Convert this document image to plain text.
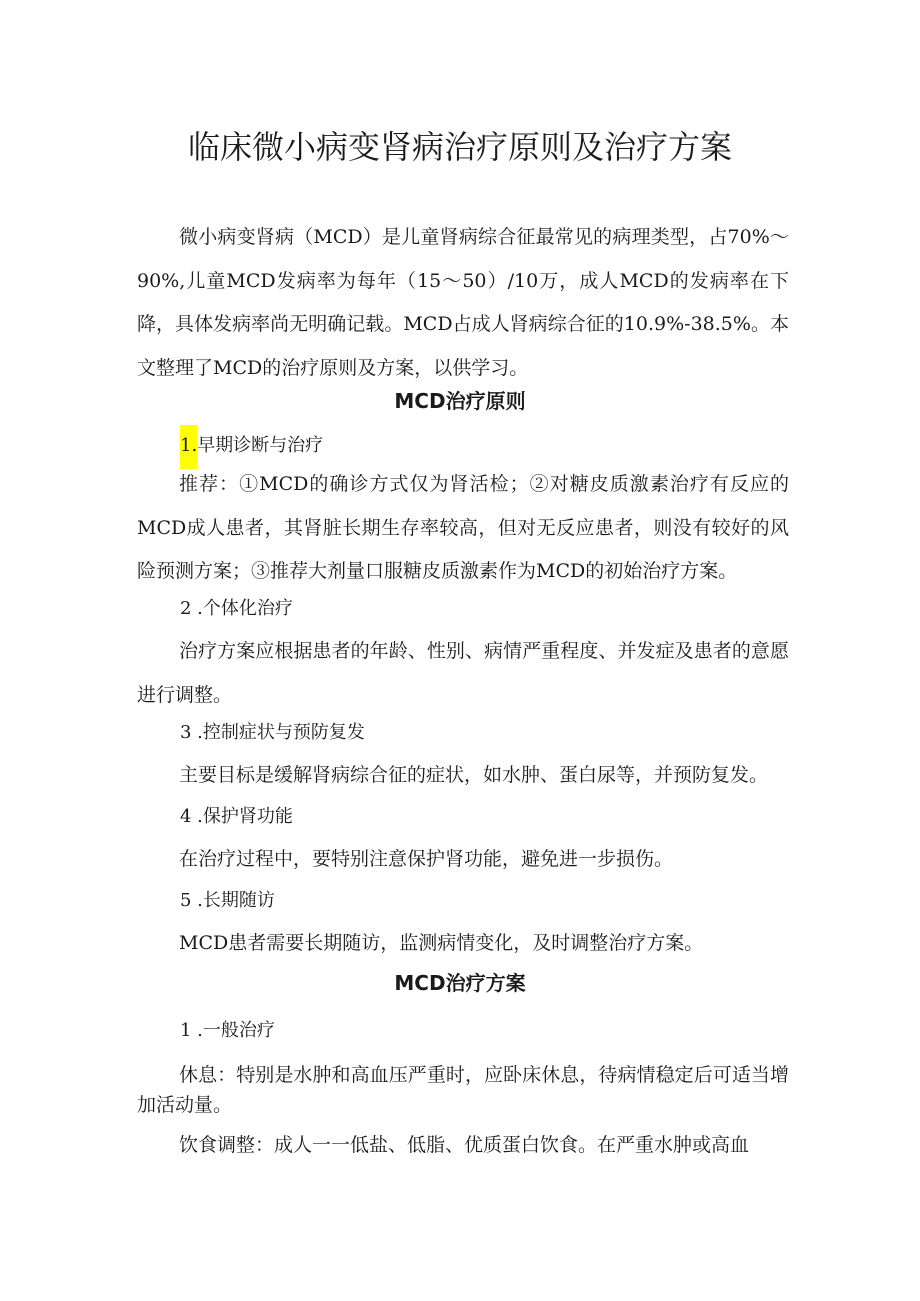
临床微小病变肾病治疗原则及治疗方案

微小病变肾病（MCD）是儿童肾病综合征最常见的病理类型，占70%～90%,儿童MCD发病率为每年（15～50）/10万，成人MCD的发病率在下降，具体发病率尚无明确记载。MCD占成人肾病综合征的10.9%-38.5%。本文整理了MCD的治疗原则及方案，以供学习。

MCD治疗原则
1.早期诊断与治疗

推荐：①MCD的确诊方式仅为肾活检；②对糖皮质激素治疗有反应的MCD成人患者，其肾脏长期生存率较高，但对无反应患者，则没有较好的风险预测方案；③推荐大剂量口服糖皮质激素作为MCD的初始治疗方案。

2 .个体化治疗

治疗方案应根据患者的年龄、性别、病情严重程度、并发症及患者的意愿进行调整。

3 .控制症状与预防复发

主要目标是缓解肾病综合征的症状，如水肿、蛋白尿等，并预防复发。

4 .保护肾功能

在治疗过程中，要特别注意保护肾功能，避免进一步损伤。

5 .长期随访

MCD患者需要长期随访，监测病情变化，及时调整治疗方案。

MCD治疗方案
1 .一般治疗

休息：特别是水肿和高血压严重时，应卧床休息，待病情稳定后可适当增加活动量。

饮食调整：成人一一低盐、低脂、优质蛋白饮食。在严重水肿或高血
